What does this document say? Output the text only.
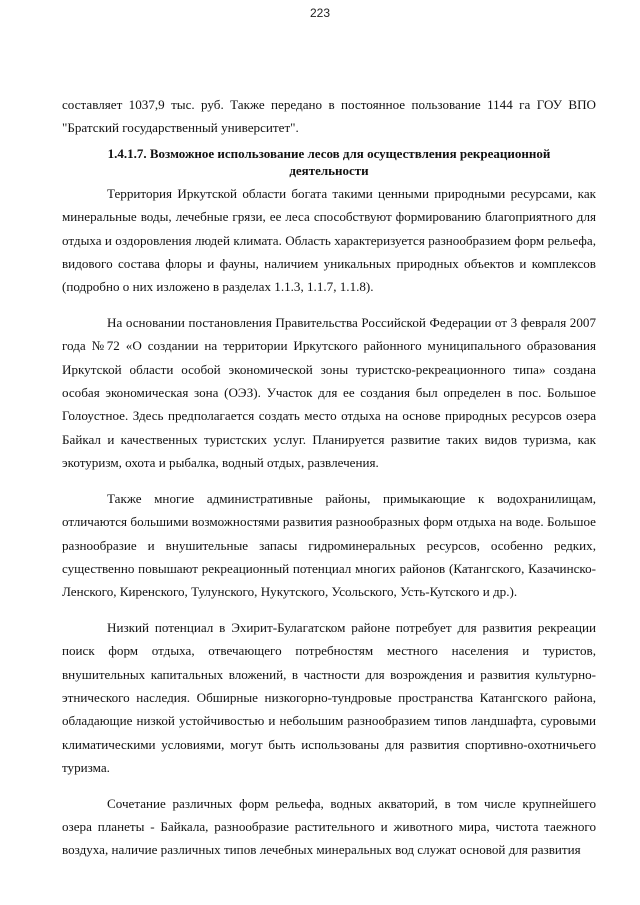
223

составляет 1037,9 тыс. руб. Также передано в постоянное пользование 1144 га ГОУ ВПО "Братский государственный университет".

1.4.1.7. Возможное использование лесов для осуществления рекреационной деятельности

Территория Иркутской области богата такими ценными природными ресурсами, как минеральные воды, лечебные грязи, ее леса способствуют формированию благоприятного для отдыха и оздоровления людей климата. Область характеризуется разнообразием форм рельефа, видового состава флоры и фауны, наличием уникальных природных объектов и комплексов (подробно о них изложено в разделах 1.1.3, 1.1.7, 1.1.8).

На основании постановления Правительства Российской Федерации от 3 февраля 2007 года №72 «О создании на территории Иркутского районного муниципального образования Иркутской области особой экономической зоны туристско-рекреационного типа» создана особая экономическая зона (ОЭЗ). Участок для ее создания был определен в пос. Большое Голоустное. Здесь предполагается создать место отдыха на основе природных ресурсов озера Байкал и качественных туристских услуг. Планируется развитие таких видов туризма, как экотуризм, охота и рыбалка, водный отдых, развлечения.

Также многие административные районы, примыкающие к водохранилищам, отличаются большими возможностями развития разнообразных форм отдыха на воде. Большое разнообразие и внушительные запасы гидроминеральных ресурсов, особенно редких, существенно повышают рекреационный потенциал многих районов (Катангского, Казачинско-Ленского, Киренского, Тулунского, Нукутского, Усольского, Усть-Кутского и др.).

Низкий потенциал в Эхирит-Булагатском районе потребует для развития рекреации поиск форм отдыха, отвечающего потребностям местного населения и туристов, внушительных капитальных вложений, в частности для возрождения и развития культурно-этнического наследия. Обширные низкогорно-тундровые пространства Катангского района, обладающие низкой устойчивостью и небольшим разнообразием типов ландшафта, суровыми климатическими условиями, могут быть использованы для развития спортивно-охотничьего туризма.

Сочетание различных форм рельефа, водных акваторий, в том числе крупнейшего озера планеты - Байкала, разнообразие растительного и животного мира, чистота таежного воздуха, наличие различных типов лечебных минеральных вод служат основой для развития
